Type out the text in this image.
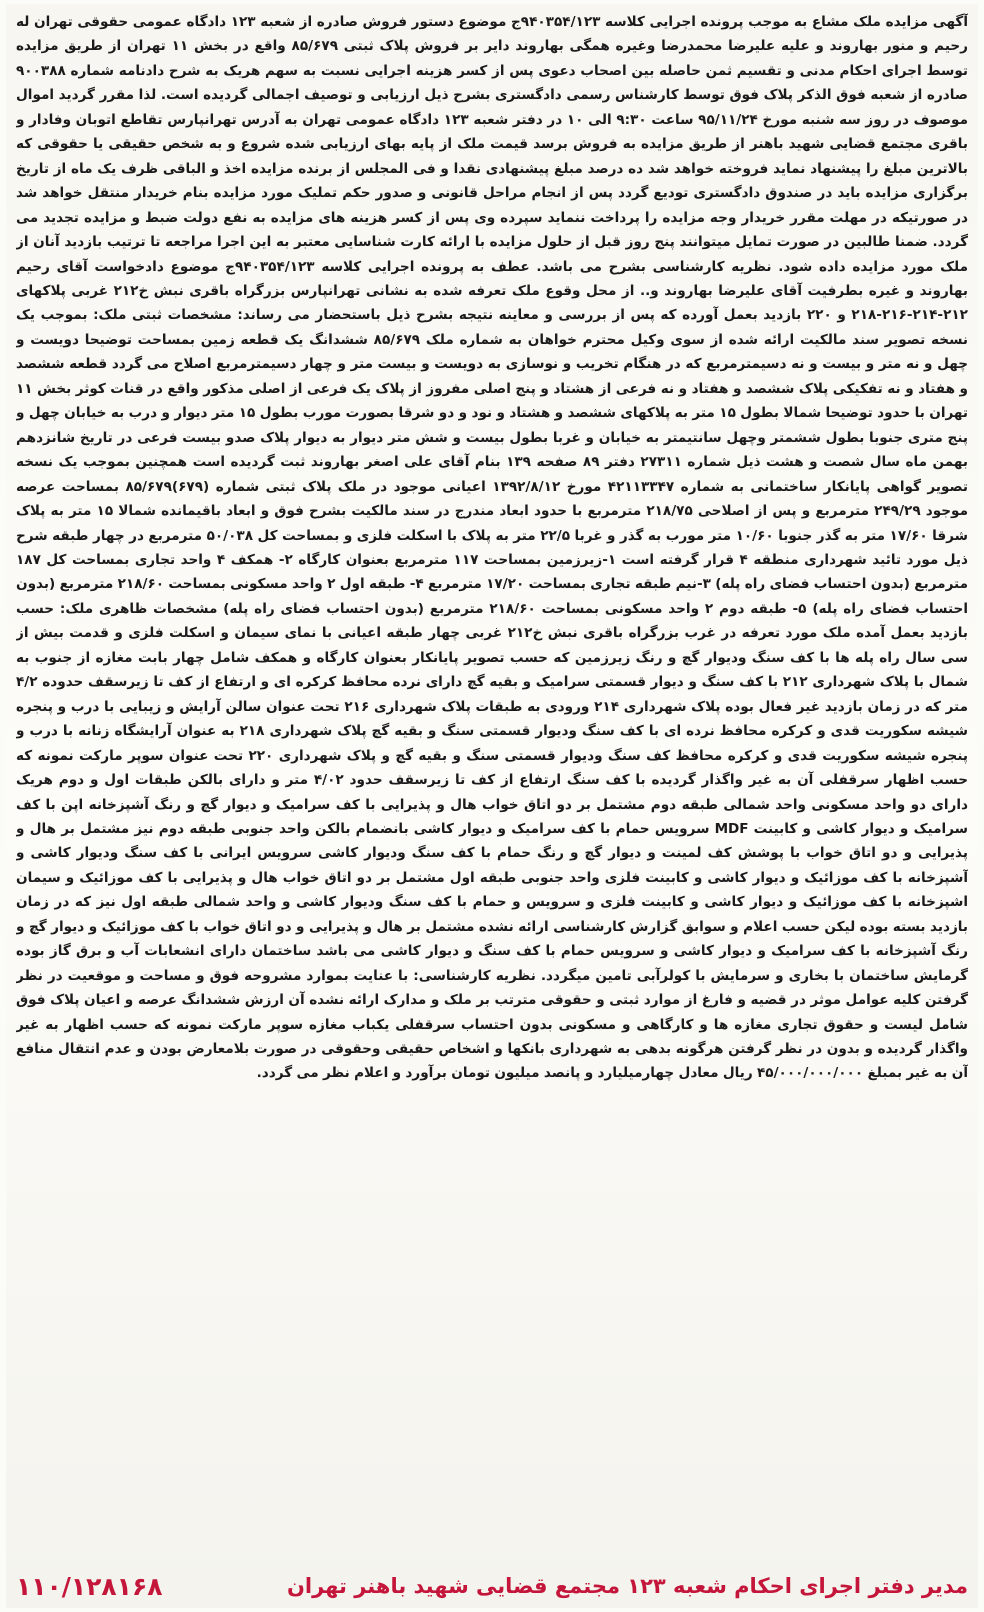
آگهی مزایده ملک مشاع به موجب پرونده اجرایی کلاسه ۹۴۰۳۵۴/۱۲۳ج موضوع دستور فروش صادره از شعبه ۱۲۳ دادگاه عمومی حقوقی تهران له رحیم و منور بهاروند و علیه علیرضا محمدرضا وغیره همگی بهاروند دایر بر فروش پلاک ثبتی ۸۵/۶۷۹ واقع در بخش ۱۱ تهران از طریق مزایده توسط اجرای احکام مدنی و تقسیم ثمن حاصله بین اصحاب دعوی پس از کسر هزینه اجرایی نسبت به سهم هریک به شرح دادنامه شماره ۹۰۰۳۸۸ صادره از شعبه فوق الذکر پلاک فوق توسط کارشناس رسمی دادگستری بشرح ذیل ارزیابی و توصیف اجمالی گردیده است. لذا مقرر گردید اموال موصوف در روز سه شنبه مورخ ۹۵/۱۱/۲۴ ساعت ۹:۳۰ الی ۱۰ در دفتر شعبه ۱۲۳ دادگاه عمومی تهران به آدرس تهرانپارس تقاطع اتوبان وفادار و باقری مجتمع قضایی شهید باهنر از طریق مزایده به فروش برسد قیمت ملک از پایه بهای ارزیابی شده شروع و به شخص حقیقی یا حقوقی که بالاترین مبلغ را پیشنهاد نماید فروخته خواهد شد ده درصد مبلغ پیشنهادی نقدا و فی المجلس از برنده مزایده اخذ و الباقی ظرف یک ماه از تاریخ برگزاری مزایده باید در صندوق دادگستری تودیع گردد پس از انجام مراحل قانونی و صدور حکم تملیک مورد مزایده بنام خریدار منتقل خواهد شد در صورتیکه در مهلت مقرر خریدار وجه مزایده را پرداخت ننماید سپرده وی پس از کسر هزینه های مزایده به نفع دولت ضبط و مزایده تجدید می گردد. ضمنا طالبین در صورت تمایل میتوانند پنج روز قبل از حلول مزایده با ارائه کارت شناسایی معتبر به این اجرا مراجعه تا ترتیب بازدید آنان از ملک مورد مزایده داده شود. نظریه کارشناسی بشرح می باشد. عطف به پرونده اجرایی کلاسه ۹۴۰۳۵۴/۱۲۳ج موضوع دادخواست آقای رحیم بهاروند و غیره بطرفیت آقای علیرضا بهاروند و.. از محل وقوع ملک تعرفه شده به نشانی تهرانپارس بزرگراه باقری نبش خ۲۱۲ غربی پلاکهای ۲۱۲-۲۱۴-۲۱۶-۲۱۸ و ۲۲۰ بازدید بعمل آورده که پس از بررسی و معاینه نتیجه بشرح ذیل باستحضار می رساند: مشخصات ثبتی ملک: بموجب یک نسخه تصویر سند مالکیت ارائه شده از سوی وکیل محترم خواهان به شماره ملک ۸۵/۶۷۹ ششدانگ یک قطعه زمین بمساحت توضیحا دویست و چهل و نه متر و بیست و نه دسیمترمربع که در هنگام تخریب و نوسازی به دویست و بیست متر و چهار دسیمترمربع اصلاح می گردد قطعه ششصد و هفتاد و نه تفکیکی پلاک ششصد و هفتاد و نه فرعی از هشتاد و پنج اصلی مفروز از پلاک یک فرعی از اصلی مذکور واقع در قنات کوثر بخش ۱۱ تهران با حدود توضیحا شمالا بطول ۱۵ متر به پلاکهای ششصد و هشتاد و نود و دو شرقا بصورت مورب بطول ۱۵ متر دیوار و درب به خیابان چهل و پنج متری جنوبا بطول ششمتر وچهل سانتیمتر به خیابان و غربا بطول بیست و شش متر دیوار به دیوار پلاک صدو بیست فرعی در تاریخ شانزدهم بهمن ماه سال شصت و هشت ذیل شماره ۲۷۳۱۱ دفتر ۸۹ صفحه ۱۳۹ بنام آقای علی اصغر بهاروند ثبت گردیده است همچنین بموجب یک نسخه تصویر گواهی پایانکار ساختمانی به شماره ۴۲۱۱۳۳۴۷ مورخ ۱۳۹۲/۸/۱۲ اعیانی موجود در ملک پلاک ثبتی شماره (۶۷۹)۸۵/۶۷۹ بمساحت عرصه موجود ۲۴۹/۲۹ مترمربع و پس از اصلاحی ۲۱۸/۷۵ مترمربع با حدود ابعاد مندرج در سند مالکیت بشرح فوق و ابعاد باقیمانده شمالا ۱۵ متر به پلاک شرقا ۱۷/۶۰ متر به گذر جنوبا ۱۰/۶۰ متر مورب به گذر و غربا ۲۲/۵ متر به پلاک با اسکلت فلزی و بمساحت کل ۵۰/۰۳۸ مترمربع در چهار طبقه شرح ذیل مورد تائید شهرداری منطقه ۴ قرار گرفته است ۱-زیرزمین بمساحت ۱۱۷ مترمربع بعنوان کارگاه ۲- همکف ۴ واحد تجاری بمساحت کل ۱۸۷ مترمربع (بدون احتساب فضای راه پله) ۳-نیم طبقه تجاری بمساحت ۱۷/۲۰ مترمربع ۴- طبقه اول ۲ واحد مسکونی بمساحت ۲۱۸/۶۰ مترمربع (بدون احتساب فضای راه پله) ۵- طبقه دوم ۲ واحد مسکونی بمساحت ۲۱۸/۶۰ مترمربع (بدون احتساب فضای راه پله) مشخصات ظاهری ملک: حسب بازدید بعمل آمده ملک مورد تعرفه در غرب بزرگراه باقری نبش خ۲۱۲ غربی چهار طبقه اعیانی با نمای سیمان و اسکلت فلزی و قدمت بیش از سی سال راه پله ها با کف سنگ ودیوار گچ و رنگ زیرزمین که حسب تصویر پایانکار بعنوان کارگاه و همکف شامل چهار بابت مغازه از جنوب به شمال با پلاک شهرداری ۲۱۲ با کف سنگ و دیوار قسمتی سرامیک و بقیه گچ دارای نرده محافظ کرکره ای و ارتفاع از کف تا زیرسقف حدوده ۴/۲ متر که در زمان بازدید غیر فعال بوده پلاک شهرداری ۲۱۴ ورودی به طبقات پلاک شهرداری ۲۱۶ تحت عنوان سالن آرایش و زیبایی با درب و پنجره شیشه سکوریت قدی و کرکره محافظ نرده ای با کف سنگ ودیوار قسمتی سنگ و بقیه گچ پلاک شهرداری ۲۱۸ به عنوان آرایشگاه زنانه با درب و پنجره شیشه سکوریت قدی و کرکره محافظ کف سنگ ودیوار قسمتی سنگ و بقیه گچ و پلاک شهرداری ۲۲۰ تحت عنوان سوپر مارکت نمونه که حسب اظهار سرقفلی آن به غیر واگذار گردیده با کف سنگ ارتفاع از کف تا زیرسقف حدود ۴/۰۲ متر و دارای بالکن طبقات اول و دوم هریک دارای دو واحد مسکونی واحد شمالی طبقه دوم مشتمل بر دو اتاق خواب هال و پذیرایی با کف سرامیک و دیوار گچ و رنگ آشپزخانه اپن با کف سرامیک و دیوار کاشی و کابینت MDF سرویس حمام با کف سرامیک و دیوار کاشی بانضمام بالکن واحد جنوبی طبقه دوم نیز مشتمل بر هال و پذیرایی و دو اتاق خواب با پوشش کف لمینت و دیوار گچ و رنگ حمام با کف سنگ ودیوار کاشی سرویس ایرانی با کف سنگ ودیوار کاشی و آشپزخانه با کف موزائیک و دیوار کاشی و کابینت فلزی واحد جنوبی طبقه اول مشتمل بر دو اتاق خواب هال و پذیرایی با کف موزائیک و سیمان اشپزخانه با کف موزائیک و دیوار کاشی و کابینت فلزی و سرویس و حمام با کف سنگ ودیوار کاشی و واحد شمالی طبقه اول نیز که در زمان بازدید بسته بوده لیکن حسب اعلام و سوابق گزارش کارشناسی ارائه نشده مشتمل بر هال و پذیرایی و دو اتاق خواب با کف موزائیک و دیوار گچ و رنگ آشپزخانه با کف سرامیک و دیوار کاشی و سرویس حمام با کف سنگ و دیوار کاشی می باشد ساختمان دارای انشعابات آب و برق گاز بوده گرمایش ساختمان با بخاری و سرمایش با کولرآبی تامین میگردد. نظریه کارشناسی: با عنایت بموارد مشروحه فوق و مساحت و موقعیت در نظر گرفتن کلیه عوامل موثر در قضیه و فارغ از موارد ثبتی و حقوقی مترتب بر ملک و مدارک ارائه نشده آن ارزش ششدانگ عرصه و اعیان پلاک فوق شامل لیست و حقوق تجاری مغازه ها و کارگاهی و مسکونی بدون احتساب سرقفلی یکباب مغازه سوپر مارکت نمونه که حسب اظهار به غیر واگذار گردیده و بدون در نظر گرفتن هرگونه بدهی به شهرداری بانکها و اشخاص حقیقی وحقوقی در صورت بلامعارض بودن و عدم انتقال منافع آن به غیر بمبلغ ۴۵/۰۰۰/۰۰۰/۰۰۰ ریال معادل چهارمیلیارد و پانصد میلیون تومان برآورد و اعلام نظر می گردد.

مدیر دفتر اجرای احکام شعبه ۱۲۳ مجتمع قضایی شهید باهنر تهران
۱۱۰/۱۲۸۱۶۸
